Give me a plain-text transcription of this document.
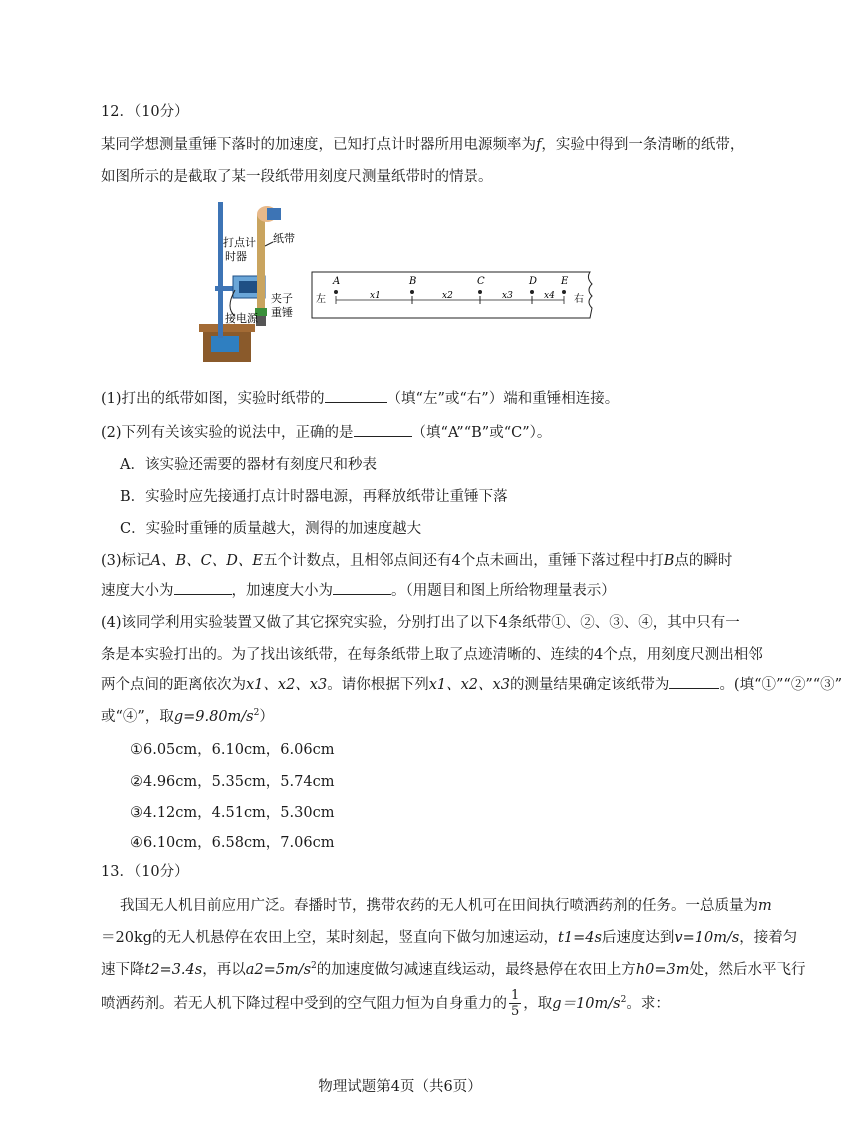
12．（10分）
某同学想测量重锤下落时的加速度，已知打点计时器所用电源频率为f，实验中得到一条清晰的纸带，
如图所示的是截取了某一段纸带用刻度尺测量纸带时的情景。
打点计
时器
纸带
夹子
重锤
接电源
A	B	C	D E
x1	x2	x3	x4
左	右
(1)打出的纸带如图，实验时纸带的	（填“左”或“右”）端和重锤相连接。
(2)下列有关该实验的说法中，正确的是	（填“A”“B”或“C”）。
A．该实验还需要的器材有刻度尺和秒表
B．实验时应先接通打点计时器电源，再释放纸带让重锤下落
C．实验时重锤的质量越大，测得的加速度越大
(3)标记A、B、C、D、E五个计数点，且相邻点间还有4个点未画出，重锤下落过程中打B点的瞬时
速度大小为	，加速度大小为	。（用题目和图上所给物理量表示）
(4)该同学利用实验装置又做了其它探究实验，分别打出了以下4条纸带①、②、③、④，其中只有一
条是本实验打出的。为了找出该纸带，在每条纸带上取了点迹清晰的、连续的4个点，用刻度尺测出相邻
两个点间的距离依次为x1、x2、x3。请你根据下列x1、x2、x3的测量结果确定该纸带为	。(填“①”“②”“③”
或“④”，取$g=9.80m/s^2$）
①6.05cm，6.10cm，6.06cm
②4.96cm，5.35cm，5.74cm
③4.12cm，4.51cm，5.30cm
④6.10cm，6.58cm，7.06cm
13．（10分）
我国无人机目前应用广泛。春播时节，携带农药的无人机可在田间执行喷洒药剂的任务。一总质量为m
＝20kg的无人机悬停在农田上空，某时刻起，竖直向下做匀加速运动，t1=4s后速度达到v=10m/s，接着匀
速下降t2=3.4s，再以$a2=5m/s^2$的加速度做匀减速直线运动，最终悬停在农田上方h0=3m处，然后水平飞行
喷洒药剂。若无人机下降过程中受到的空气阻力恒为自身重力的 $\frac{1}{5}$ ，取$g=10m/s^2$。求：
物理试题第4页（共6页）
